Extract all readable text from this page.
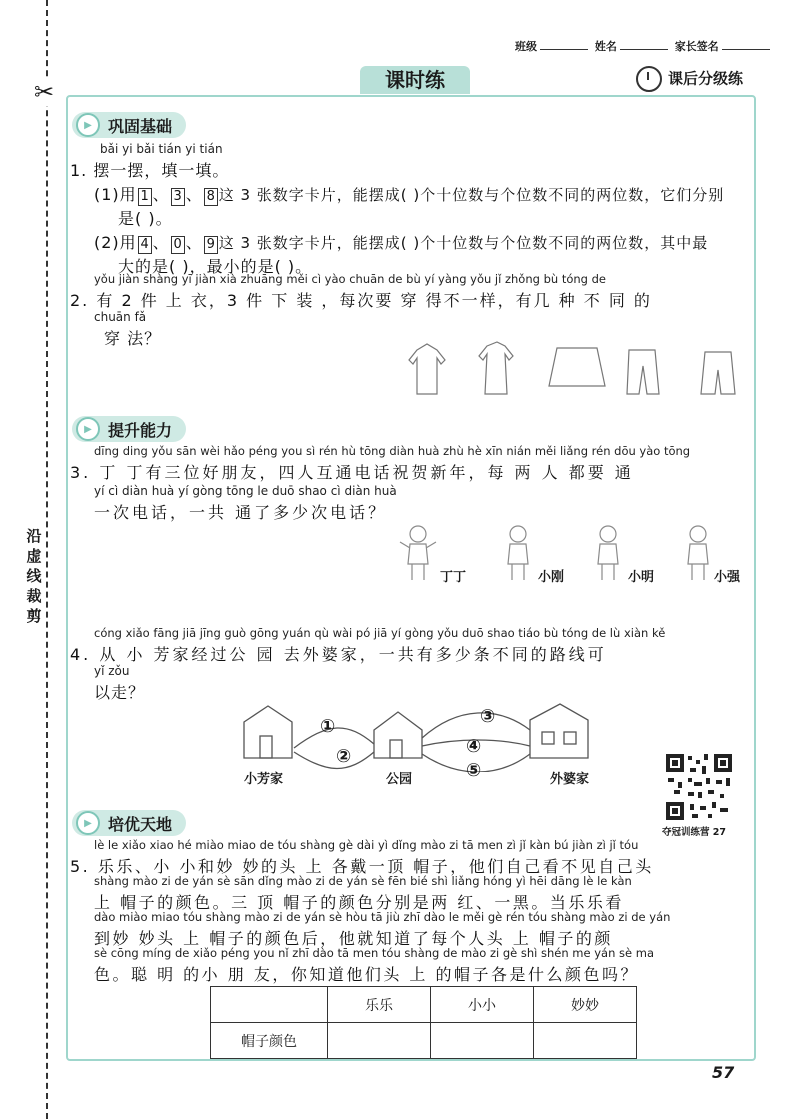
✂
沿虚线裁剪
班级	姓名	家长签名
课时练	课后分级练
▶	巩固基础
bǎi yi bǎi tián yi tián
1. 摆一摆，填一填。
(1)用 1 、 3 、 8 这 3 张数字卡片，能摆成( )个十位数与个位数不同的两位数，它们分别
是( )。
(2)用 4 、 0 、 9 这 3 张数字卡片，能摆成( )个十位数与个位数不同的两位数，其中最
大的是( )，最小的是( )。
yǒu jiàn shàng yī jiàn xià zhuāng měi cì yào chuān de bù yí yàng yǒu jǐ zhǒng bù tóng de
2. 有 2 件 上 衣，3 件 下 装 ，每次要 穿 得不一样，有几 种 不 同 的
chuān fǎ
穿 法？
▶	提升能力
dīng ding yǒu sān wèi hǎo péng you sì rén hù tōng diàn huà zhù hè xīn nián měi liǎng rén dōu yào tōng
3. 丁 丁有三位好朋友，四人互通电话祝贺新年，每 两 人 都要 通
yí cì diàn huà yí gòng tōng le duō shao cì diàn huà
一次电话，一共 通了多少次电话？
丁丁	小刚	小明	小强
cóng xiǎo fāng jiā jīng guò gōng yuán qù wài pó jiā yí gòng yǒu duō shao tiáo bù tóng de lù xiàn kě
4. 从 小 芳家经过公 园 去外婆家，一共有多少条不同的路线可
yǐ zǒu
以走？
①
②
③
④
⑤
小芳家	公园	外婆家
夺冠训练营 27
▶	培优天地
lè le xiǎo xiao hé miào miao de tóu shàng gè dài yì dǐng mào zi tā men zì jǐ kàn bú jiàn zì jǐ tóu
5. 乐乐、小 小和妙 妙的头 上 各戴一顶 帽子，他们自己看不见自己头
shàng mào zi de yán sè sān dǐng mào zi de yán sè fēn bié shì liǎng hóng yì hēi dāng lè le kàn
上 帽子的颜色。三 顶 帽子的颜色分别是两 红、一黑。当乐乐看
dào miào miao tóu shàng mào zi de yán sè hòu tā jiù zhī dào le měi gè rén tóu shàng mào zi de yán
到妙 妙头 上 帽子的颜色后，他就知道了每个人头 上 帽子的颜
sè cōng míng de xiǎo péng you nǐ zhī dào tā men tóu shàng de mào zi gè shì shén me yán sè ma
色。聪 明 的小 朋 友，你知道他们头 上 的帽子各是什么颜色吗？
	乐乐	小小	妙妙
帽子颜色			
57
